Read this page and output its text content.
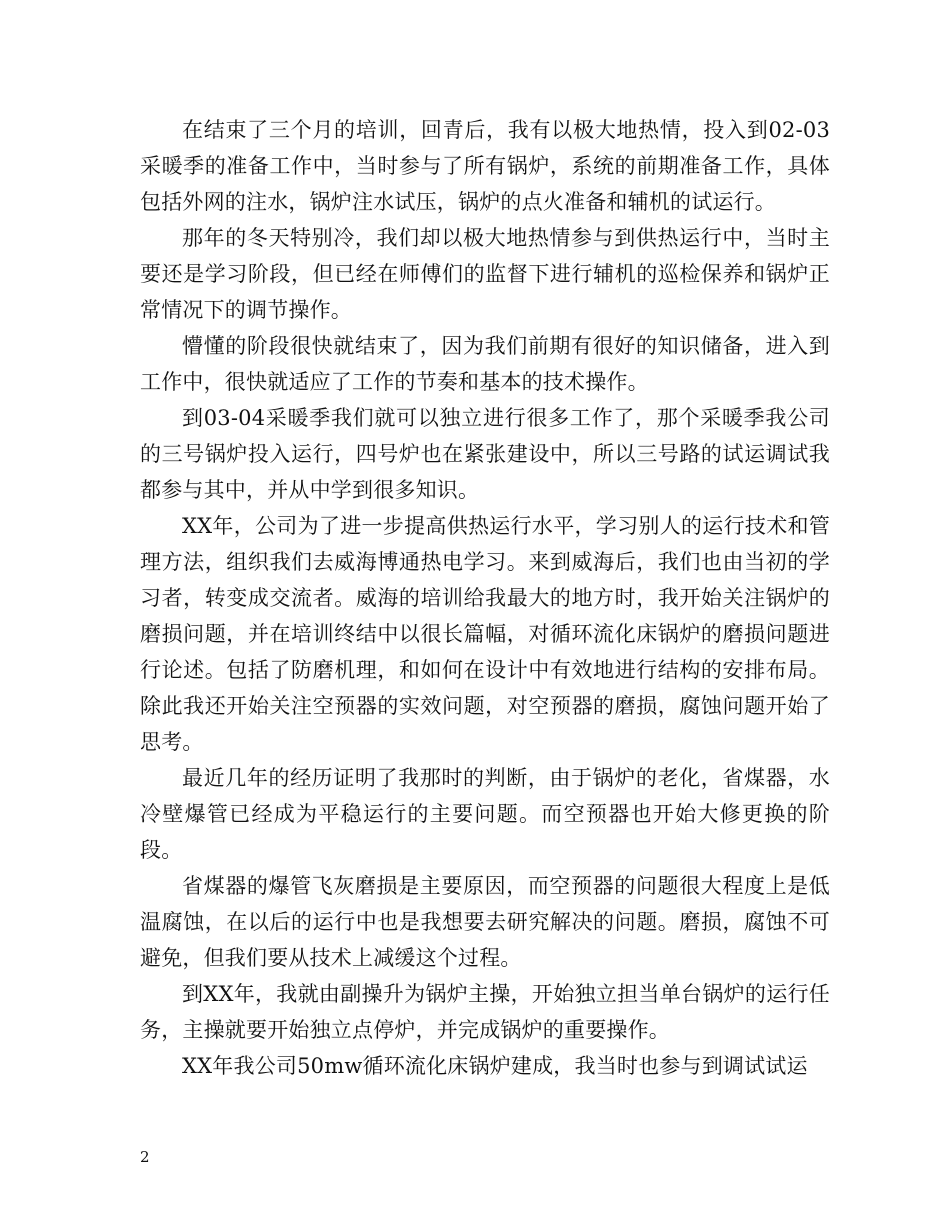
在结束了三个月的培训，回青后，我有以极大地热情，投入到02-03采暖季的准备工作中，当时参与了所有锅炉，系统的前期准备工作，具体包括外网的注水，锅炉注水试压，锅炉的点火准备和辅机的试运行。

那年的冬天特别冷，我们却以极大地热情参与到供热运行中，当时主要还是学习阶段，但已经在师傅们的监督下进行辅机的巡检保养和锅炉正常情况下的调节操作。

懵懂的阶段很快就结束了，因为我们前期有很好的知识储备，进入到工作中，很快就适应了工作的节奏和基本的技术操作。

到03-04采暖季我们就可以独立进行很多工作了，那个采暖季我公司的三号锅炉投入运行，四号炉也在紧张建设中，所以三号路的试运调试我都参与其中，并从中学到很多知识。

XX年，公司为了进一步提高供热运行水平，学习别人的运行技术和管理方法，组织我们去威海博通热电学习。来到威海后，我们也由当初的学习者，转变成交流者。威海的培训给我最大的地方时，我开始关注锅炉的磨损问题，并在培训终结中以很长篇幅，对循环流化床锅炉的磨损问题进行论述。包括了防磨机理，和如何在设计中有效地进行结构的安排布局。除此我还开始关注空预器的实效问题，对空预器的磨损，腐蚀问题开始了思考。

最近几年的经历证明了我那时的判断，由于锅炉的老化，省煤器，水冷壁爆管已经成为平稳运行的主要问题。而空预器也开始大修更换的阶段。

省煤器的爆管飞灰磨损是主要原因，而空预器的问题很大程度上是低温腐蚀，在以后的运行中也是我想要去研究解决的问题。磨损，腐蚀不可避免，但我们要从技术上减缓这个过程。

到XX年，我就由副操升为锅炉主操，开始独立担当单台锅炉的运行任务，主操就要开始独立点停炉，并完成锅炉的重要操作。

XX年我公司50mw循环流化床锅炉建成，我当时也参与到调试试运

2
